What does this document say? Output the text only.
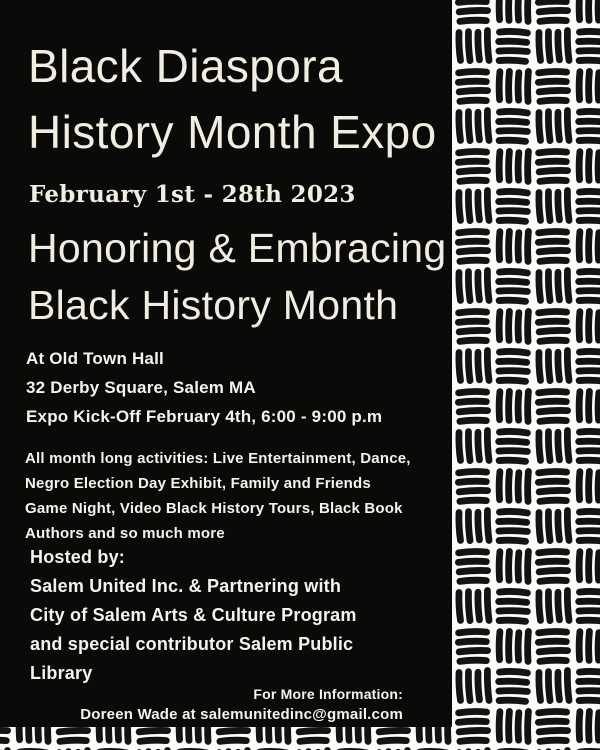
Black Diaspora
History Month Expo
February 1st - 28th 2023
Honoring & Embracing
Black History Month
At Old Town Hall
32 Derby Square, Salem MA
Expo Kick-Off February 4th, 6:00 - 9:00 p.m
All month long activities: Live Entertainment, Dance,
Negro Election Day Exhibit, Family and Friends
Game Night, Video Black History Tours, Black Book
Authors and so much more
Hosted by:
Salem United Inc. & Partnering with
City of Salem Arts & Culture Program
and special contributor Salem Public
Library
For More Information:
Doreen Wade at salemunitedinc@gmail.com
